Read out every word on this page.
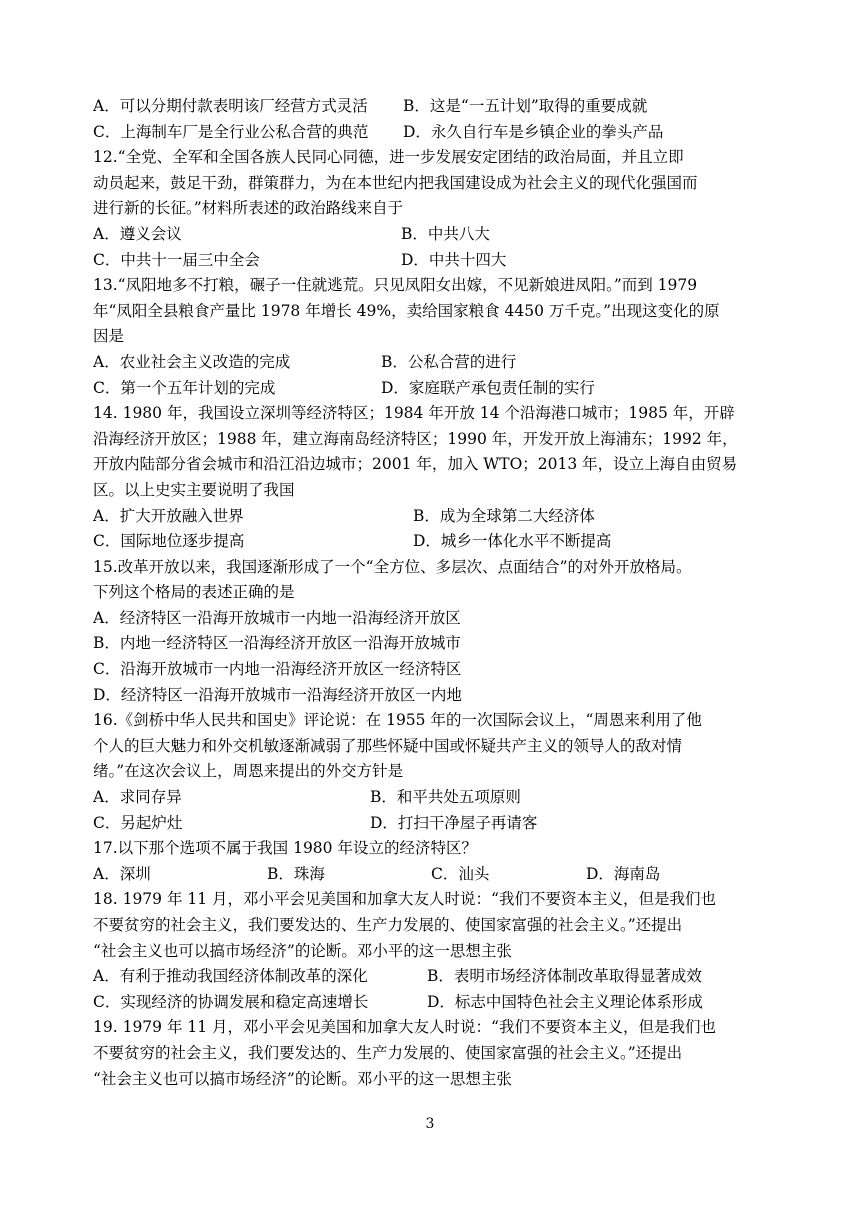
A．可以分期付款表明该厂经营方式灵活	B．这是“一五计划”取得的重要成就
C．上海制车厂是全行业公私合营的典范	D．永久自行车是乡镇企业的拳头产品
12.“全党、全军和全国各族人民同心同德，进一步发展安定团结的政治局面，并且立即
动员起来，鼓足干劲，群策群力，为在本世纪内把我国建设成为社会主义的现代化强国而
进行新的长征。”材料所表述的政治路线来自于
A．遵义会议	B．中共八大
C．中共十一届三中全会	D．中共十四大
13.“凤阳地多不打粮，碾子一住就逃荒。只见凤阳女出嫁，不见新娘进凤阳。”而到 1979
年“凤阳全县粮食产量比 1978 年增长 49%，卖给国家粮食 4450 万千克。”出现这变化的原
因是
A．农业社会主义改造的完成	B．公私合营的进行
C．第一个五年计划的完成	D．家庭联产承包责任制的实行
14. 1980 年，我国设立深圳等经济特区；1984 年开放 14 个沿海港口城市；1985 年，开辟
沿海经济开放区；1988 年，建立海南岛经济特区；1990 年，开发开放上海浦东；1992 年，
开放内陆部分省会城市和沿江沿边城市；2001 年，加入 WTO；2013 年，设立上海自由贸易
区。以上史实主要说明了我国
A．扩大开放融入世界	B．成为全球第二大经济体
C．国际地位逐步提高	D．城乡一体化水平不断提高
15.改革开放以来，我国逐渐形成了一个“全方位、多层次、点面结合”的对外开放格局。
下列这个格局的表述正确的是
A．经济特区一沿海开放城市一内地一沿海经济开放区
B．内地一经济特区一沿海经济开放区一沿海开放城市
C．沿海开放城市一内地一沿海经济开放区一经济特区
D．经济特区一沿海开放城市一沿海经济开放区一内地
16.《剑桥中华人民共和国史》评论说：在 1955 年的一次国际会议上，“周恩来利用了他
个人的巨大魅力和外交机敏逐渐减弱了那些怀疑中国或怀疑共产主义的领导人的敌对情
绪。”在这次会议上，周恩来提出的外交方针是
A．求同存异	B．和平共处五项原则
C．另起炉灶	D．打扫干净屋子再请客
17.以下那个选项不属于我国 1980 年设立的经济特区？
A．深圳	B．珠海	C．汕头	D．海南岛
18. 1979 年 11 月，邓小平会见美国和加拿大友人时说：“我们不要资本主义，但是我们也
不要贫穷的社会主义，我们要发达的、生产力发展的、使国家富强的社会主义。”还提出
“社会主义也可以搞市场经济”的论断。邓小平的这一思想主张
A．有利于推动我国经济体制改革的深化	B．表明市场经济体制改革取得显著成效
C．实现经济的协调发展和稳定高速增长	D．标志中国特色社会主义理论体系形成
19. 1979 年 11 月，邓小平会见美国和加拿大友人时说：“我们不要资本主义，但是我们也
不要贫穷的社会主义，我们要发达的、生产力发展的、使国家富强的社会主义。”还提出
“社会主义也可以搞市场经济”的论断。邓小平的这一思想主张
3
